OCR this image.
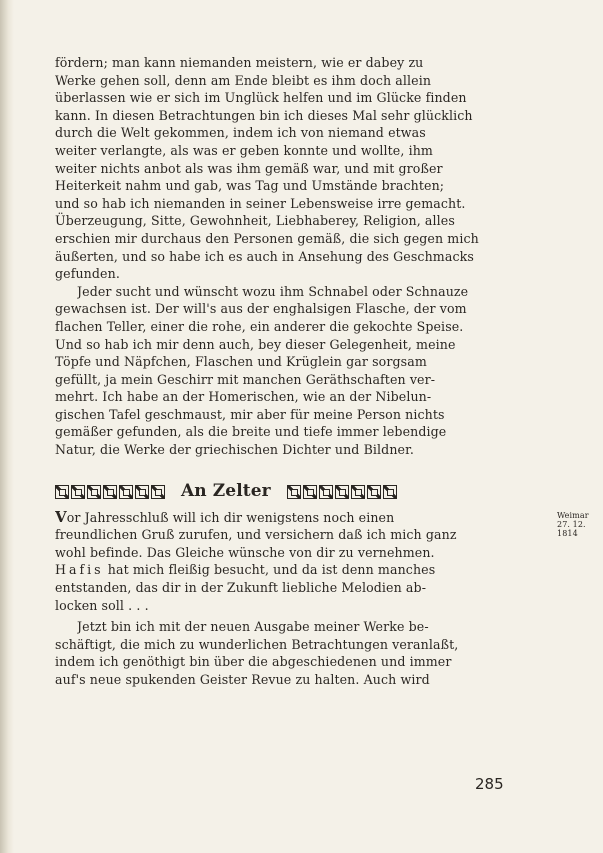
fördern; man kann niemanden meistern, wie er dabey zu
Werke gehen soll, denn am Ende bleibt es ihm doch allein
überlassen wie er sich im Unglück helfen und im Glücke finden
kann. In diesen Betrachtungen bin ich dieses Mal sehr glücklich
durch die Welt gekommen, indem ich von niemand etwas
weiter verlangte, als was er geben konnte und wollte, ihm
weiter nichts anbot als was ihm gemäß war, und mit großer
Heiterkeit nahm und gab, was Tag und Umstände brachten;
und so hab ich niemanden in seiner Lebensweise irre gemacht.
Überzeugung, Sitte, Gewohnheit, Liebhaberey, Religion, alles
erschien mir durchaus den Personen gemäß, die sich gegen mich
äußerten, und so habe ich es auch in Ansehung des Geschmacks
gefunden.

Jeder sucht und wünscht wozu ihm Schnabel oder Schnauze
gewachsen ist. Der will's aus der enghalsigen Flasche, der vom
flachen Teller, einer die rohe, ein anderer die gekochte Speise.
Und so hab ich mir denn auch, bey dieser Gelegenheit, meine
Töpfe und Näpfchen, Flaschen und Krüglein gar sorgsam
gefüllt, ja mein Geschirr mit manchen Geräthschaften ver-
mehrt. Ich habe an der Homerischen, wie an der Nibelun-
gischen Tafel geschmaust, mir aber für meine Person nichts
gemäßer gefunden, als die breite und tiefe immer lebendige
Natur, die Werke der griechischen Dichter und Bildner.

An Zelter
Weimar
27. 12.
1814
Vor Jahresschluß will ich dir wenigstens noch einen
freundlichen Gruß zurufen, und versichern daß ich mich ganz
wohl befinde. Das Gleiche wünsche von dir zu vernehmen.
Hafis hat mich fleißig besucht, und da ist denn manches
entstanden, das dir in der Zukunft liebliche Melodien ab-
locken soll . . .

Jetzt bin ich mit der neuen Ausgabe meiner Werke be-
schäftigt, die mich zu wunderlichen Betrachtungen veranlaßt,
indem ich genöthigt bin über die abgeschiedenen und immer
auf's neue spukenden Geister Revue zu halten. Auch wird

285
